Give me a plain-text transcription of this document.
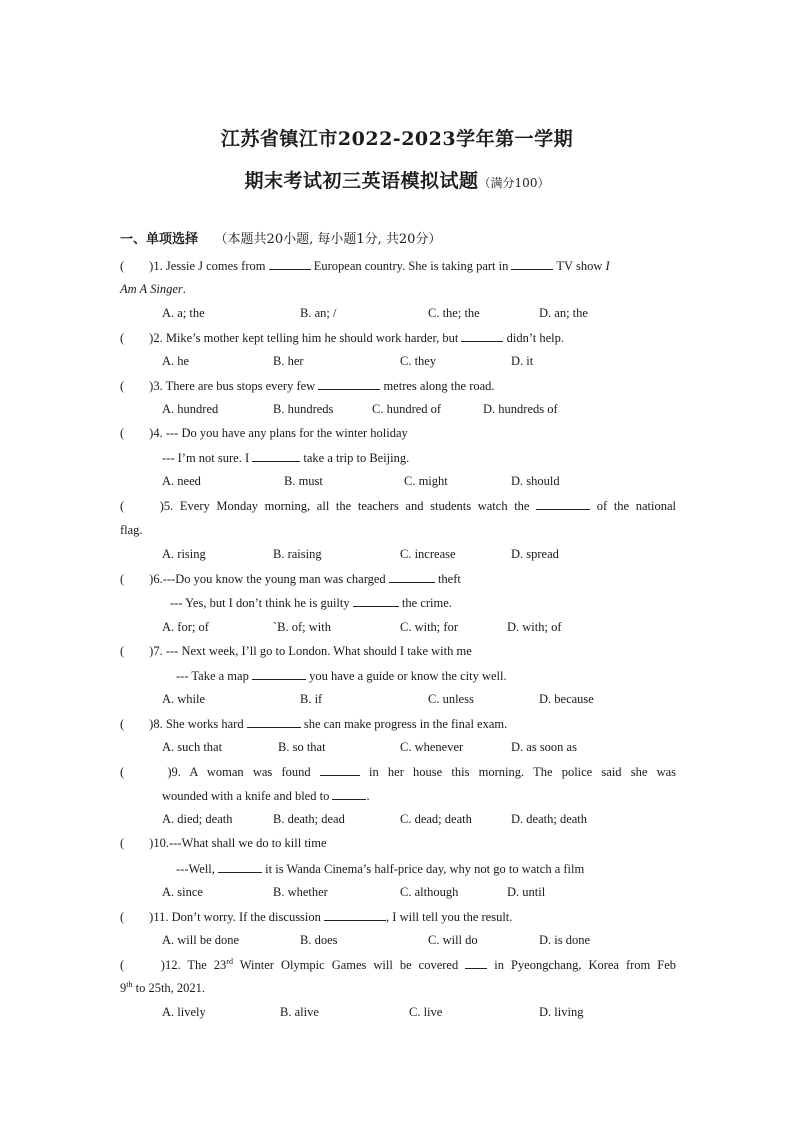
江苏省镇江市2022-2023学年第一学期
期末考试初三英语模拟试题（满分100）
一、单项选择 （本题共20小题, 每小题1分, 共20分）
(　　)1. Jessie J comes from	European country. She is taking part in	TV show I
Am A Singer.
A. a; the	B. an; /	C. the; the	D. an; the
(　　)2. Mike’s mother kept telling him he should work harder, but	didn’t help.
A. he	B. her	C. they	D. it
(　　)3. There are bus stops every few	metres along the road.
A. hundred	B. hundreds	C. hundred of	D. hundreds of
(　　)4. --- Do you have any plans for the winter holiday
--- I’m not sure. I	take a trip to Beijing.
A. need	B. must	C. might	D. should
(　　)5. Every Monday morning, all the teachers and students watch the	of the national
flag.
A. rising	B. raising	C. increase	D. spread
(　　)6.---Do you know the young man was charged	theft
--- Yes, but I don’t think he is guilty	the crime.
A. for; of	`B. of; with	C. with; for	D. with; of
(　　)7. --- Next week, I’ll go to London. What should I take with me
--- Take a map	you have a guide or know the city well.
A. while	B. if	C. unless	D. because
(　　)8. She works hard	she can make progress in the final exam.
A. such that	B. so that	C. whenever	D. as soon as
(　　)9. A woman was found	in her house this morning. The police said she was
wounded with a knife and bled to	.
A. died; death	B. death; dead	C. dead; death	D. death; death
(　　)10.---What shall we do to kill time
---Well,	it is Wanda Cinema’s half-price day, why not go to watch a film
A. since	B. whether	C. although	D. until
(　　)11. Don’t worry. If the discussion	, I will tell you the result.
A. will be done	B. does	C. will do	D. is done
(　　)12. The 23rd Winter Olympic Games will be covered	in Pyeongchang, Korea from Feb
9th to 25th, 2021.
A. lively	B. alive	C. live	D. living
